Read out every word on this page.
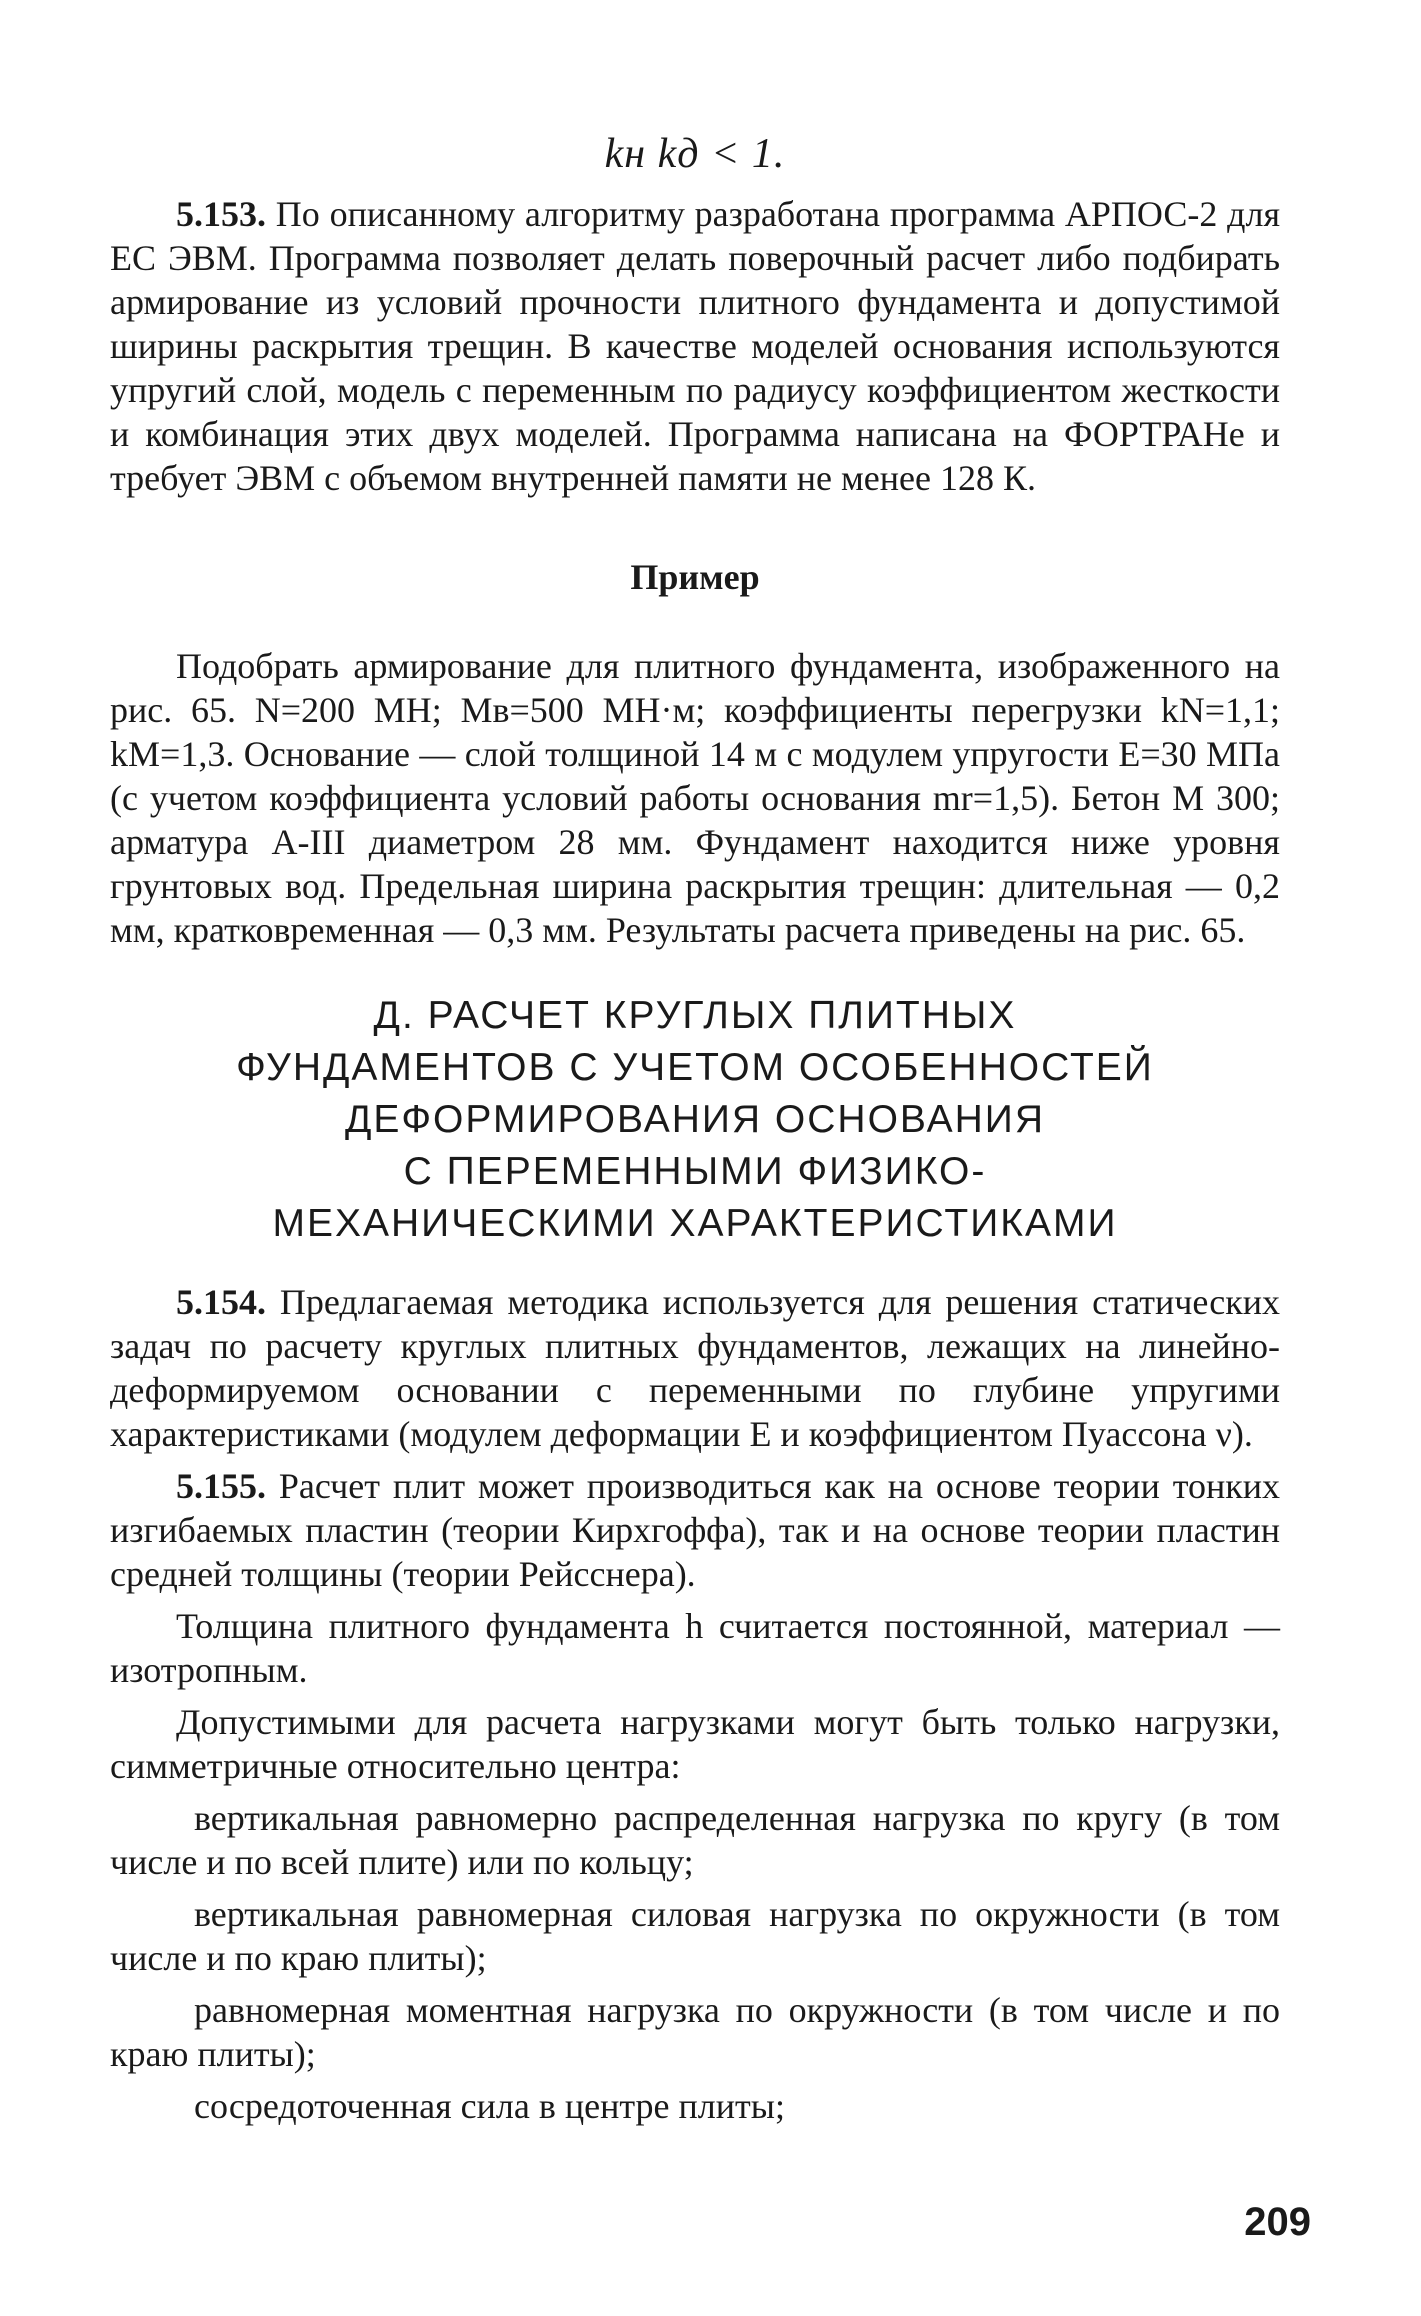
kн kд < 1.

5.153. По описанному алгоритму разработана программа АРПОС-2 для ЕС ЭВМ. Программа позволяет делать поверочный расчет либо подбирать армирование из условий прочности плитного фундамента и допустимой ширины раскрытия трещин. В качестве моделей основания используются упругий слой, модель с переменным по радиусу коэффициентом жесткости и комбинация этих двух моделей. Программа написана на ФОРТРАНе и требует ЭВМ с объемом внутренней памяти не менее 128 К.

Пример

Подобрать армирование для плитного фундамента, изображенного на рис. 65. N=200 МН; Mв=500 МН·м; коэффициенты перегрузки kN=1,1; kM=1,3. Основание — слой толщиной 14 м с модулем упругости E=30 МПа (с учетом коэффициента условий работы основания mr=1,5). Бетон М 300; арматура А-III диаметром 28 мм. Фундамент находится ниже уровня грунтовых вод. Предельная ширина раскрытия трещин: длительная — 0,2 мм, кратковременная — 0,3 мм. Результаты расчета приведены на рис. 65.

Д. РАСЧЕТ КРУГЛЫХ ПЛИТНЫХ
ФУНДАМЕНТОВ С УЧЕТОМ ОСОБЕННОСТЕЙ
ДЕФОРМИРОВАНИЯ ОСНОВАНИЯ
С ПЕРЕМЕННЫМИ ФИЗИКО-
МЕХАНИЧЕСКИМИ ХАРАКТЕРИСТИКАМИ

5.154. Предлагаемая методика используется для решения статических задач по расчету круглых плитных фундаментов, лежащих на линейно-деформируемом основании с переменными по глубине упругими характеристиками (модулем деформации E и коэффициентом Пуассона ν).

5.155. Расчет плит может производиться как на основе теории тонких изгибаемых пластин (теории Кирхгоффа), так и на основе теории пластин средней толщины (теории Рейсснера).

Толщина плитного фундамента h считается постоянной, материал — изотропным.

Допустимыми для расчета нагрузками могут быть только нагрузки, симметричные относительно центра:

вертикальная равномерно распределенная нагрузка по кругу (в том числе и по всей плите) или по кольцу;

вертикальная равномерная силовая нагрузка по окружности (в том числе и по краю плиты);

равномерная моментная нагрузка по окружности (в том числе и по краю плиты);

сосредоточенная сила в центре плиты;

209
